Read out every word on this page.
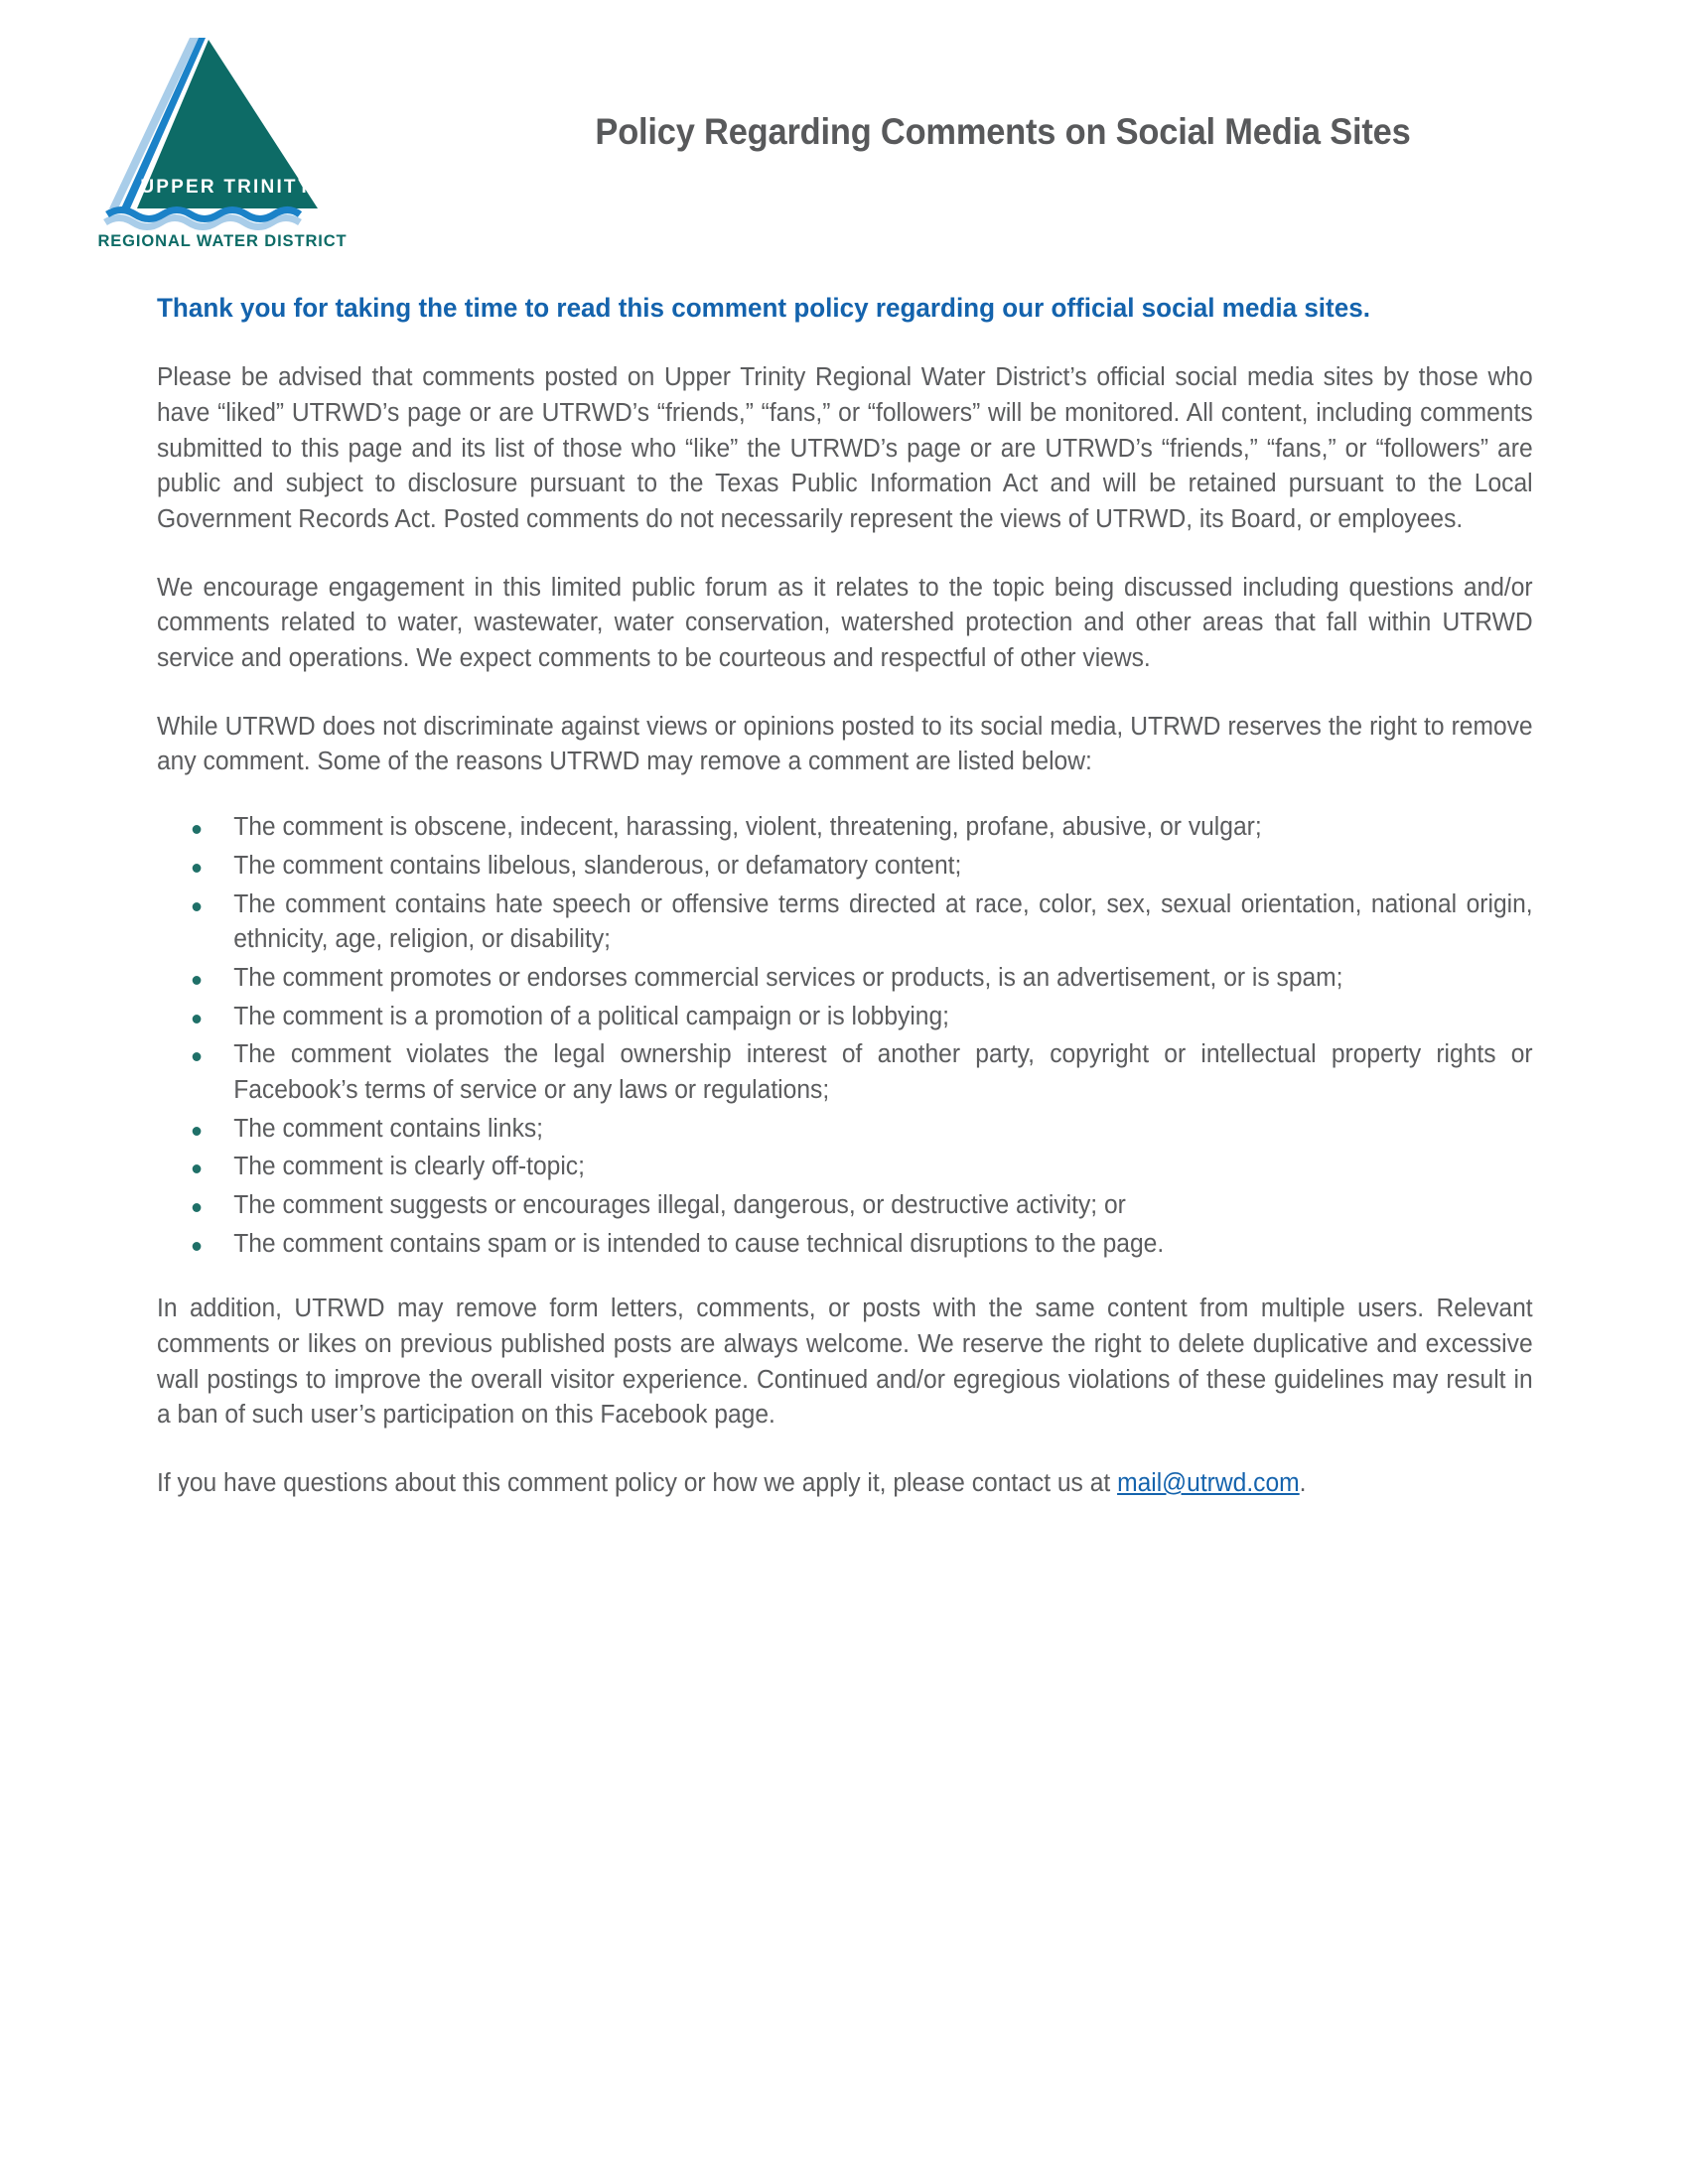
UPPER TRINITY
REGIONAL WATER DISTRICT
Policy Regarding Comments on Social Media Sites

Thank you for taking the time to read this comment policy regarding our official social media sites.

Please be advised that comments posted on Upper Trinity Regional Water District’s official social media sites by those who have “liked” UTRWD’s page or are UTRWD’s “friends,” “fans,” or “followers” will be monitored. All content, including comments submitted to this page and its list of those who “like” the UTRWD’s page or are UTRWD’s “friends,” “fans,” or “followers” are public and subject to disclosure pursuant to the Texas Public Information Act and will be retained pursuant to the Local Government Records Act. Posted comments do not necessarily represent the views of UTRWD, its Board, or employees.

We encourage engagement in this limited public forum as it relates to the topic being discussed including questions and/or comments related to water, wastewater, water conservation, watershed protection and other areas that fall within UTRWD service and operations. We expect comments to be courteous and respectful of other views.

While UTRWD does not discriminate against views or opinions posted to its social media, UTRWD reserves the right to remove any comment. Some of the reasons UTRWD may remove a comment are listed below:

The comment is obscene, indecent, harassing, violent, threatening, profane, abusive, or vulgar;
The comment contains libelous, slanderous, or defamatory content;
The comment contains hate speech or offensive terms directed at race, color, sex, sexual orientation, national origin, ethnicity, age, religion, or disability;
The comment promotes or endorses commercial services or products, is an advertisement, or is spam;
The comment is a promotion of a political campaign or is lobbying;
The comment violates the legal ownership interest of another party, copyright or intellectual property rights or Facebook’s terms of service or any laws or regulations;
The comment contains links;
The comment is clearly off-topic;
The comment suggests or encourages illegal, dangerous, or destructive activity; or
The comment contains spam or is intended to cause technical disruptions to the page.

In addition, UTRWD may remove form letters, comments, or posts with the same content from multiple users. Relevant comments or likes on previous published posts are always welcome. We reserve the right to delete duplicative and excessive wall postings to improve the overall visitor experience. Continued and/or egregious violations of these guidelines may result in a ban of such user’s participation on this Facebook page.

If you have questions about this comment policy or how we apply it, please contact us at mail@utrwd.com.
